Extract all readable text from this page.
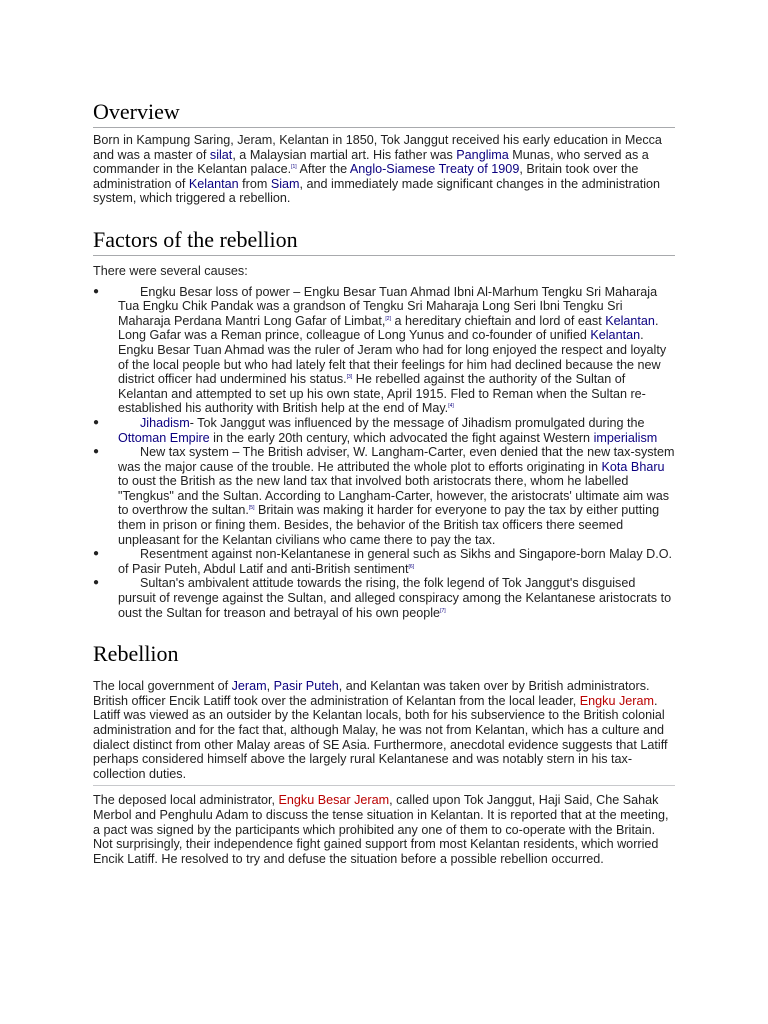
Overview

Born in Kampung Saring, Jeram, Kelantan in 1850, Tok Janggut received his early education in Mecca and was a master of silat, a Malaysian martial art. His father was Panglima Munas, who served as a commander in the Kelantan palace.[1] After the Anglo-Siamese Treaty of 1909, Britain took over the administration of Kelantan from Siam, and immediately made significant changes in the administration system, which triggered a rebellion.

Factors of the rebellion

There were several causes:

●	Engku Besar loss of power – Engku Besar Tuan Ahmad Ibni Al-Marhum Tengku Sri Maharaja Tua Engku Chik Pandak was a grandson of Tengku Sri Maharaja Long Seri Ibni Tengku Sri Maharaja Perdana Mantri Long Gafar of Limbat,[2] a hereditary chieftain and lord of east Kelantan. Long Gafar was a Reman prince, colleague of Long Yunus and co-founder of unified Kelantan. Engku Besar Tuan Ahmad was the ruler of Jeram who had for long enjoyed the respect and loyalty of the local people but who had lately felt that their feelings for him had declined because the new district officer had undermined his status.[3] He rebelled against the authority of the Sultan of Kelantan and attempted to set up his own state, April 1915. Fled to Reman when the Sultan re-established his authority with British help at the end of May.[4]
●	Jihadism- Tok Janggut was influenced by the message of Jihadism promulgated during the Ottoman Empire in the early 20th century, which advocated the fight against Western imperialism
●	New tax system – The British adviser, W. Langham-Carter, even denied that the new tax-system was the major cause of the trouble. He attributed the whole plot to efforts originating in Kota Bharu to oust the British as the new land tax that involved both aristocrats there, whom he labelled "Tengkus" and the Sultan. According to Langham-Carter, however, the aristocrats' ultimate aim was to overthrow the sultan.[5] Britain was making it harder for everyone to pay the tax by either putting them in prison or fining them. Besides, the behavior of the British tax officers there seemed unpleasant for the Kelantan civilians who came there to pay the tax.
●	Resentment against non-Kelantanese in general such as Sikhs and Singapore-born Malay D.O. of Pasir Puteh, Abdul Latif and anti-British sentiment[6]
●	Sultan's ambivalent attitude towards the rising, the folk legend of Tok Janggut's disguised pursuit of revenge against the Sultan, and alleged conspiracy among the Kelantanese aristocrats to oust the Sultan for treason and betrayal of his own people[7]
Rebellion

The local government of Jeram, Pasir Puteh, and Kelantan was taken over by British administrators. British officer Encik Latiff took over the administration of Kelantan from the local leader, Engku Jeram. Latiff was viewed as an outsider by the Kelantan locals, both for his subservience to the British colonial administration and for the fact that, although Malay, he was not from Kelantan, which has a culture and dialect distinct from other Malay areas of SE Asia. Furthermore, anecdotal evidence suggests that Latiff perhaps considered himself above the largely rural Kelantanese and was notably stern in his tax-collection duties.

The deposed local administrator, Engku Besar Jeram, called upon Tok Janggut, Haji Said, Che Sahak Merbol and Penghulu Adam to discuss the tense situation in Kelantan. It is reported that at the meeting, a pact was signed by the participants which prohibited any one of them to co-operate with the Britain. Not surprisingly, their independence fight gained support from most Kelantan residents, which worried Encik Latiff. He resolved to try and defuse the situation before a possible rebellion occurred.
